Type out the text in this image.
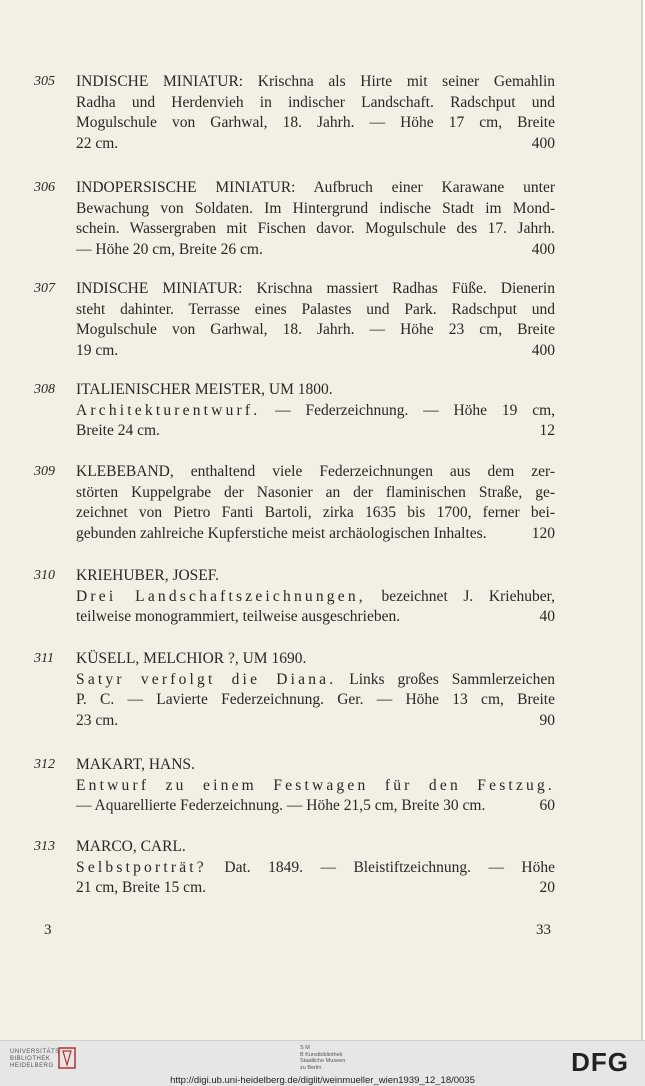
305	INDISCHE MINIATUR: Krischna als Hirte mit seiner Gemahlin
Radha und Herdenvieh in indischer Landschaft. Radschput und
Mogulschule von Garhwal, 18. Jahrh. — Höhe 17 cm, Breite
22 cm.	400
306	INDOPERSISCHE MINIATUR: Aufbruch einer Karawane unter
Bewachung von Soldaten. Im Hintergrund indische Stadt im Mond-
schein. Wassergraben mit Fischen davor. Mogulschule des 17. Jahrh.
— Höhe 20 cm, Breite 26 cm.	400
307	INDISCHE MINIATUR: Krischna massiert Radhas Füße. Dienerin
steht dahinter. Terrasse eines Palastes und Park. Radschput und
Mogulschule von Garhwal, 18. Jahrh. — Höhe 23 cm, Breite
19 cm.	400
308	ITALIENISCHER MEISTER, UM 1800.
Architekturentwurf. — Federzeichnung. — Höhe 19 cm,
Breite 24 cm.	12
309	KLEBEBAND, enthaltend viele Federzeichnungen aus dem zer-
störten Kuppelgrabe der Nasonier an der flaminischen Straße, ge-
zeichnet von Pietro Fanti Bartoli, zirka 1635 bis 1700, ferner bei-
gebunden zahlreiche Kupferstiche meist archäologischen Inhaltes.	120
310	KRIEHUBER, JOSEF.
Drei Landschaftszeichnungen, bezeichnet J. Kriehuber,
teilweise monogrammiert, teilweise ausgeschrieben.	40
311	KÜSELL, MELCHIOR ?, UM 1690.
Satyr verfolgt die Diana. Links großes Sammlerzeichen
P. C. — Lavierte Federzeichnung. Ger. — Höhe 13 cm, Breite
23 cm.	90
312	MAKART, HANS.
Entwurf zu einem Festwagen für den Festzug.
— Aquarellierte Federzeichnung. — Höhe 21,5 cm, Breite 30 cm.	60
313	MARCO, CARL.
Selbstporträt? Dat. 1849. — Bleistiftzeichnung. — Höhe
21 cm, Breite 15 cm.	20
3	33
UNIVERSITÄTS
BIBLIOTHEK
HEIDELBERG
S M
B Kunstbibliothek
Staatliche Museen
zu Berlin	DFG
http://digi.ub.uni-heidelberg.de/diglit/weinmueller_wien1939_12_18/0035
